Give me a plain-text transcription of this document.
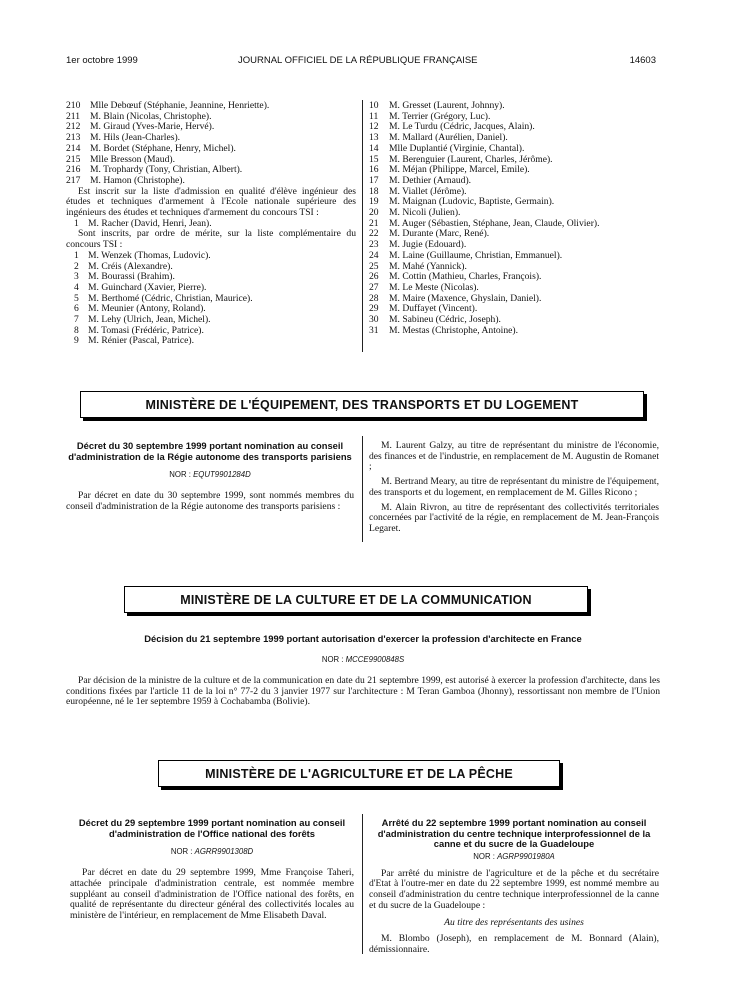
1er octobre 1999	JOURNAL OFFICIEL DE LA RÉPUBLIQUE FRANÇAISE	14603
210	Mlle Debœuf (Stéphanie, Jeannine, Henriette).
211	M. Blain (Nicolas, Christophe).
212	M. Giraud (Yves-Marie, Hervé).
213	M. Hils (Jean-Charles).
214	M. Bordet (Stéphane, Henry, Michel).
215	Mlle Bresson (Maud).
216	M. Trophardy (Tony, Christian, Albert).
217	M. Hamon (Christophe).
Est inscrit sur la liste d'admission en qualité d'élève ingénieur des études et techniques d'armement à l'Ecole nationale supérieure des ingénieurs des études et techniques d'armement du concours TSI :
1 M. Racher (David, Henri, Jean).
Sont inscrits, par ordre de mérite, sur la liste complémentaire du concours TSI :
1 M. Wenzek (Thomas, Ludovic).
2 M. Créis (Alexandre).
3 M. Bourassi (Brahim).
4 M. Guinchard (Xavier, Pierre).
5 M. Berthomé (Cédric, Christian, Maurice).
6 M. Meunier (Antony, Roland).
7 M. Lehy (Ulrich, Jean, Michel).
8 M. Tomasi (Frédéric, Patrice).
9 M. Rénier (Pascal, Patrice).
10	M. Gresset (Laurent, Johnny).
11	M. Terrier (Grégory, Luc).
12	M. Le Turdu (Cédric, Jacques, Alain).
13	M. Mallard (Aurélien, Daniel).
14	Mlle Duplantié (Virginie, Chantal).
15	M. Berenguier (Laurent, Charles, Jérôme).
16	M. Méjan (Philippe, Marcel, Emile).
17	M. Dethier (Arnaud).
18	M. Viallet (Jérôme).
19	M. Maignan (Ludovic, Baptiste, Germain).
20	M. Nicoli (Julien).
21	M. Auger (Sébastien, Stéphane, Jean, Claude, Olivier).
22	M. Durante (Marc, René).
23	M. Jugie (Edouard).
24	M. Laine (Guillaume, Christian, Emmanuel).
25	M. Mahé (Yannick).
26	M. Cottin (Mathieu, Charles, François).
27	M. Le Meste (Nicolas).
28	M. Maire (Maxence, Ghyslain, Daniel).
29	M. Duffayet (Vincent).
30	M. Sabineu (Cédric, Joseph).
31	M. Mestas (Christophe, Antoine).
MINISTÈRE DE L'ÉQUIPEMENT, DES TRANSPORTS ET DU LOGEMENT
Décret du 30 septembre 1999 portant nomination au conseil d'administration de la Régie autonome des transports parisiens
NOR : EQUT9901284D
Par décret en date du 30 septembre 1999, sont nommés membres du conseil d'administration de la Régie autonome des transports parisiens :
M. Laurent Galzy, au titre de représentant du ministre de l'économie, des finances et de l'industrie, en remplacement de M. Augustin de Romanet ;
M. Bertrand Meary, au titre de représentant du ministre de l'équipement, des transports et du logement, en remplacement de M. Gilles Ricono ;
M. Alain Rivron, au titre de représentant des collectivités territoriales concernées par l'activité de la régie, en remplacement de M. Jean-François Legaret.
MINISTÈRE DE LA CULTURE ET DE LA COMMUNICATION
Décision du 21 septembre 1999 portant autorisation d'exercer la profession d'architecte en France
NOR : MCCE9900848S
Par décision de la ministre de la culture et de la communication en date du 21 septembre 1999, est autorisé à exercer la profession d'architecte, dans les conditions fixées par l'article 11 de la loi n° 77-2 du 3 janvier 1977 sur l'architecture : M Teran Gamboa (Jhonny), ressortissant non membre de l'Union européenne, né le 1er septembre 1959 à Cochabamba (Bolivie).
MINISTÈRE DE L'AGRICULTURE ET DE LA PÊCHE
Décret du 29 septembre 1999 portant nomination au conseil d'administration de l'Office national des forêts
NOR : AGRR9901308D
Par décret en date du 29 septembre 1999, Mme Françoise Taheri, attachée principale d'administration centrale, est nommée membre suppléant au conseil d'administration de l'Office national des forêts, en qualité de représentante du directeur général des collectivités locales au ministère de l'intérieur, en remplacement de Mme Elisabeth Daval.
Arrêté du 22 septembre 1999 portant nomination au conseil d'administration du centre technique interprofessionnel de la canne et du sucre de la Guadeloupe
NOR : AGRP9901980A
Par arrêté du ministre de l'agriculture et de la pêche et du secrétaire d'Etat à l'outre-mer en date du 22 septembre 1999, est nommé membre au conseil d'administration du centre technique interprofessionnel de la canne et du sucre de la Guadeloupe :
Au titre des représentants des usines
M. Blombo (Joseph), en remplacement de M. Bonnard (Alain), démissionnaire.
